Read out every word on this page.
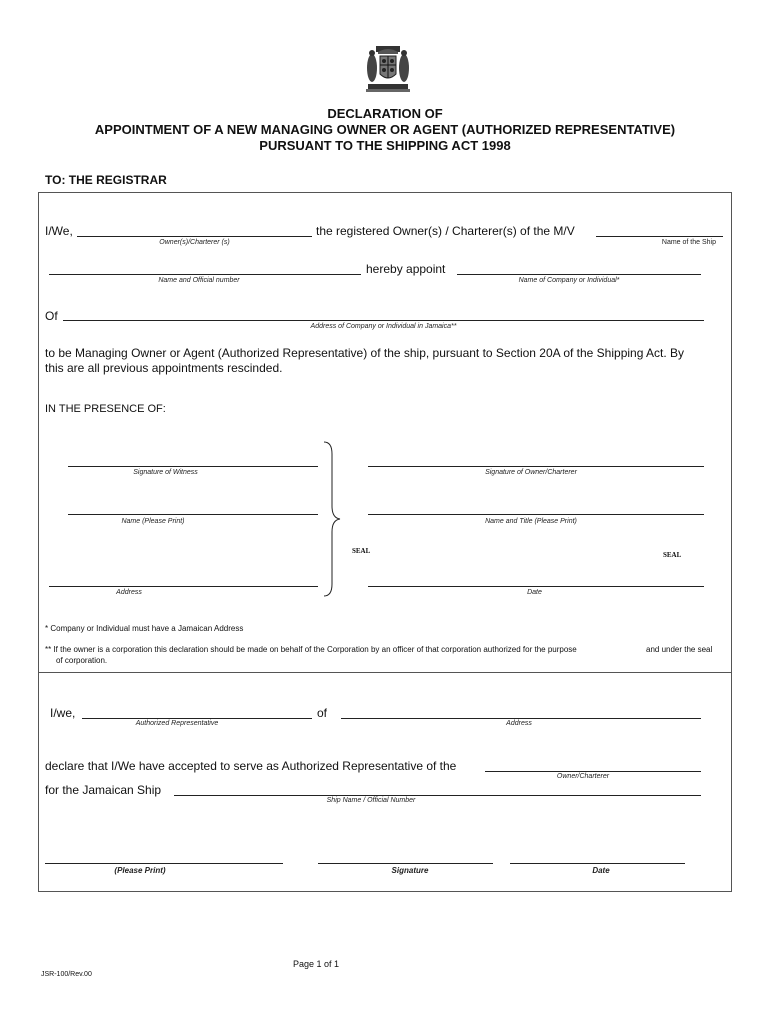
DECLARATION OF
APPOINTMENT OF A NEW MANAGING OWNER OR AGENT (AUTHORIZED REPRESENTATIVE)
PURSUANT TO THE SHIPPING ACT 1998
TO: THE REGISTRAR
I/We,
Owner(s)/Charterer (s)
the registered Owner(s) / Charterer(s) of the M/V
Name of the Ship
Name and Official number
hereby appoint
Name of Company or Individual*
Of
Address of Company or Individual in Jamaica**
to be Managing Owner or Agent (Authorized Representative) of the ship, pursuant to Section 20A of the Shipping Act. By
this are all previous appointments rescinded.
IN THE PRESENCE OF:
Signature of Witness	Signature of Owner/Charterer
Name (Please Print)	Name and Title (Please Print)
SEAL	SEAL
Address	Date
* Company or Individual must have a Jamaican Address
** If the owner is a corporation this declaration should be made on behalf of the Corporation by an officer of that corporation authorized for the purpose	and under the seal
of corporation.
I/we,
Authorized Representative
of
Address
declare that I/We have accepted to serve as Authorized Representative of the
Owner/Charterer
for the Jamaican Ship
Ship Name / Official Number
(Please Print)	Signature	Date
Page 1 of 1
JSR-100/Rev.00
